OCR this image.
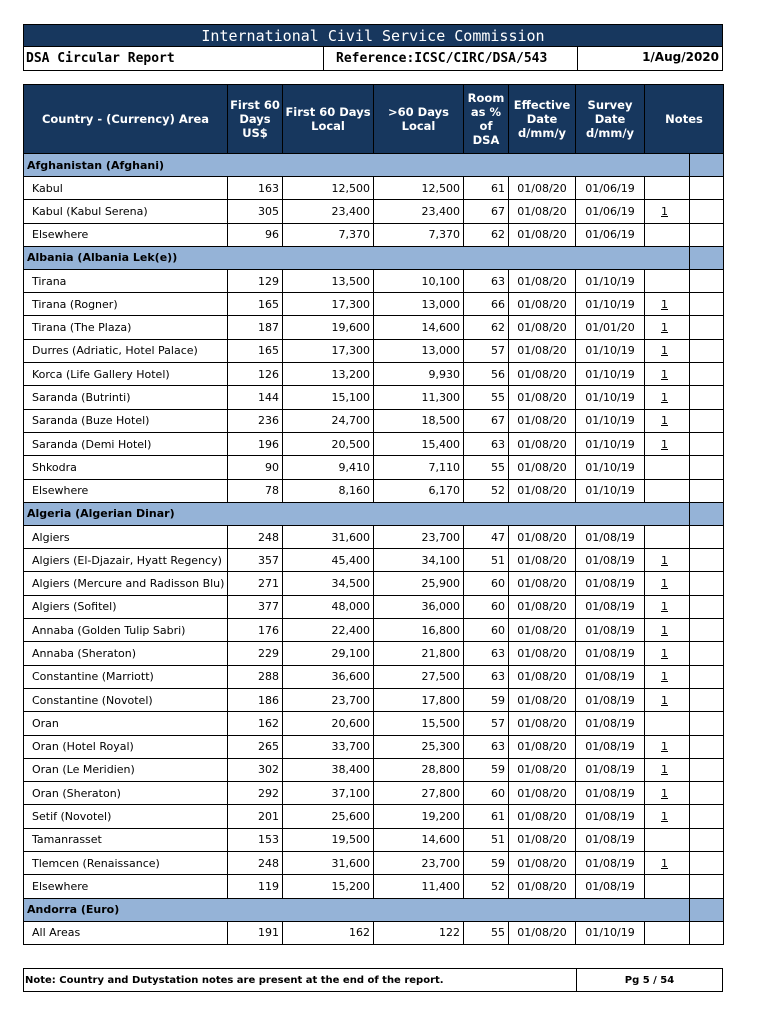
International Civil Service Commission
DSA Circular Report	Reference:ICSC/CIRC/DSA/543	1/Aug/2020
Country - (Currency) Area	First 60 Days US$	First 60 Days Local	>60 Days Local	Room as % of DSA	Effective Date d/mm/y	Survey Date d/mm/y	Notes	
Afghanistan (Afghani)								
Kabul	163	12,500	12,500	61	01/08/20	01/06/19		
Kabul (Kabul Serena)	305	23,400	23,400	67	01/08/20	01/06/19	1	
Elsewhere	96	7,370	7,370	62	01/08/20	01/06/19		
Albania (Albania Lek(e))								
Tirana	129	13,500	10,100	63	01/08/20	01/10/19		
Tirana (Rogner)	165	17,300	13,000	66	01/08/20	01/10/19	1	
Tirana (The Plaza)	187	19,600	14,600	62	01/08/20	01/01/20	1	
Durres (Adriatic, Hotel Palace)	165	17,300	13,000	57	01/08/20	01/10/19	1	
Korca (Life Gallery Hotel)	126	13,200	9,930	56	01/08/20	01/10/19	1	
Saranda (Butrinti)	144	15,100	11,300	55	01/08/20	01/10/19	1	
Saranda (Buze Hotel)	236	24,700	18,500	67	01/08/20	01/10/19	1	
Saranda (Demi Hotel)	196	20,500	15,400	63	01/08/20	01/10/19	1	
Shkodra	90	9,410	7,110	55	01/08/20	01/10/19		
Elsewhere	78	8,160	6,170	52	01/08/20	01/10/19		
Algeria (Algerian Dinar)								
Algiers	248	31,600	23,700	47	01/08/20	01/08/19		
Algiers (El-Djazair, Hyatt Regency)	357	45,400	34,100	51	01/08/20	01/08/19	1	
Algiers (Mercure and Radisson Blu)	271	34,500	25,900	60	01/08/20	01/08/19	1	
Algiers (Sofitel)	377	48,000	36,000	60	01/08/20	01/08/19	1	
Annaba (Golden Tulip Sabri)	176	22,400	16,800	60	01/08/20	01/08/19	1	
Annaba (Sheraton)	229	29,100	21,800	63	01/08/20	01/08/19	1	
Constantine (Marriott)	288	36,600	27,500	63	01/08/20	01/08/19	1	
Constantine (Novotel)	186	23,700	17,800	59	01/08/20	01/08/19	1	
Oran	162	20,600	15,500	57	01/08/20	01/08/19		
Oran (Hotel Royal)	265	33,700	25,300	63	01/08/20	01/08/19	1	
Oran (Le Meridien)	302	38,400	28,800	59	01/08/20	01/08/19	1	
Oran (Sheraton)	292	37,100	27,800	60	01/08/20	01/08/19	1	
Setif (Novotel)	201	25,600	19,200	61	01/08/20	01/08/19	1	
Tamanrasset	153	19,500	14,600	51	01/08/20	01/08/19		
Tlemcen (Renaissance)	248	31,600	23,700	59	01/08/20	01/08/19	1	
Elsewhere	119	15,200	11,400	52	01/08/20	01/08/19		
Andorra (Euro)								
All Areas	191	162	122	55	01/08/20	01/10/19		
Note: Country and Dutystation notes are present at the end of the report.	Pg 5 / 54
